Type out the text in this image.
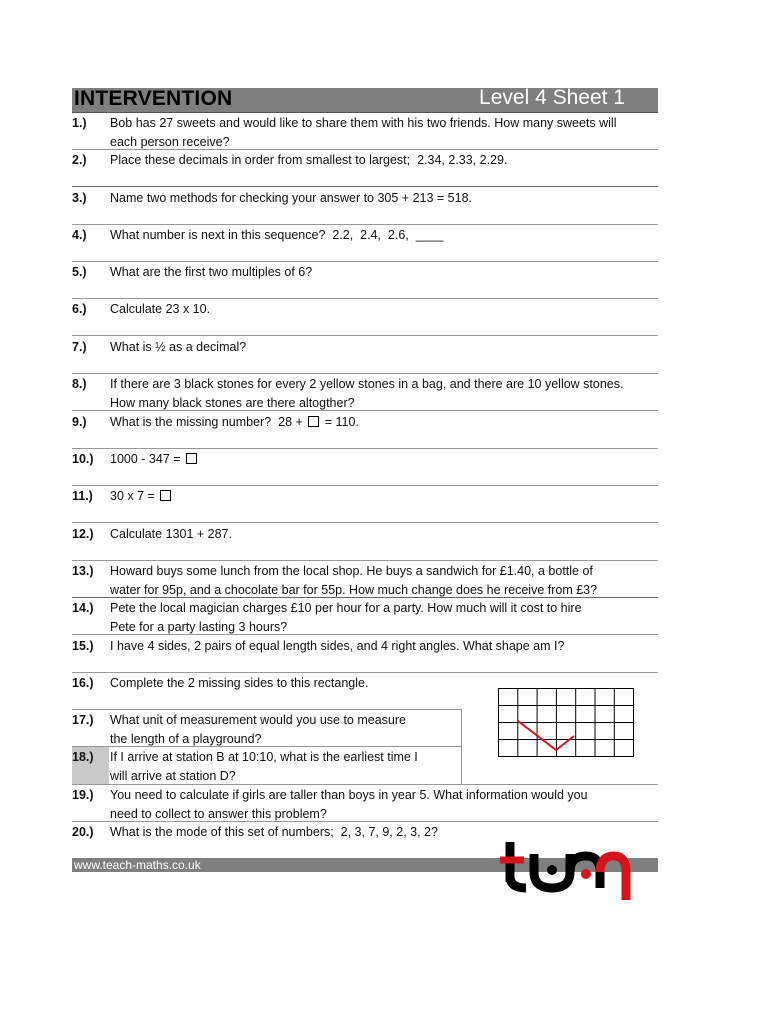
INTERVENTION	Level 4 Sheet 1
1.)	Bob has 27 sweets and would like to share them with his two friends. How many sweets will
each person receive?
2.)	Place these decimals in order from smallest to largest;  2.34, 2.33, 2.29.
3.)	Name two methods for checking your answer to 305 + 213 = 518.
4.)	What number is next in this sequence?  2.2,  2.4,  2.6,  ____
5.)	What are the first two multiples of 6?
6.)	Calculate 23 x 10.
7.)	What is ½ as a decimal?
8.)	If there are 3 black stones for every 2 yellow stones in a bag, and there are 10 yellow stones.
How many black stones are there altogther?
9.)	What is the missing number?  28 +  = 110.
10.)	1000 - 347 =
11.)	30 x 7 =
12.)	Calculate 1301 + 287.
13.)	Howard buys some lunch from the local shop. He buys a sandwich for £1.40, a bottle of
water for 95p, and a chocolate bar for 55p. How much change does he receive from £3?
14.)	Pete the local magician charges £10 per hour for a party. How much will it cost to hire
Pete for a party lasting 3 hours?
15.)	I have 4 sides, 2 pairs of equal length sides, and 4 right angles. What shape am I?
16.)	Complete the 2 missing sides to this rectangle.
17.)	What unit of measurement would you use to measure
the length of a playground?
18.)	If I arrive at station B at 10:10, what is the earliest time I
will arrive at station D?
19.)	You need to calculate if girls are taller than boys in year 5. What information would you
need to collect to answer this problem?
20.)	What is the mode of this set of numbers;  2, 3, 7, 9, 2, 3, 2?
www.teach-maths.co.uk
